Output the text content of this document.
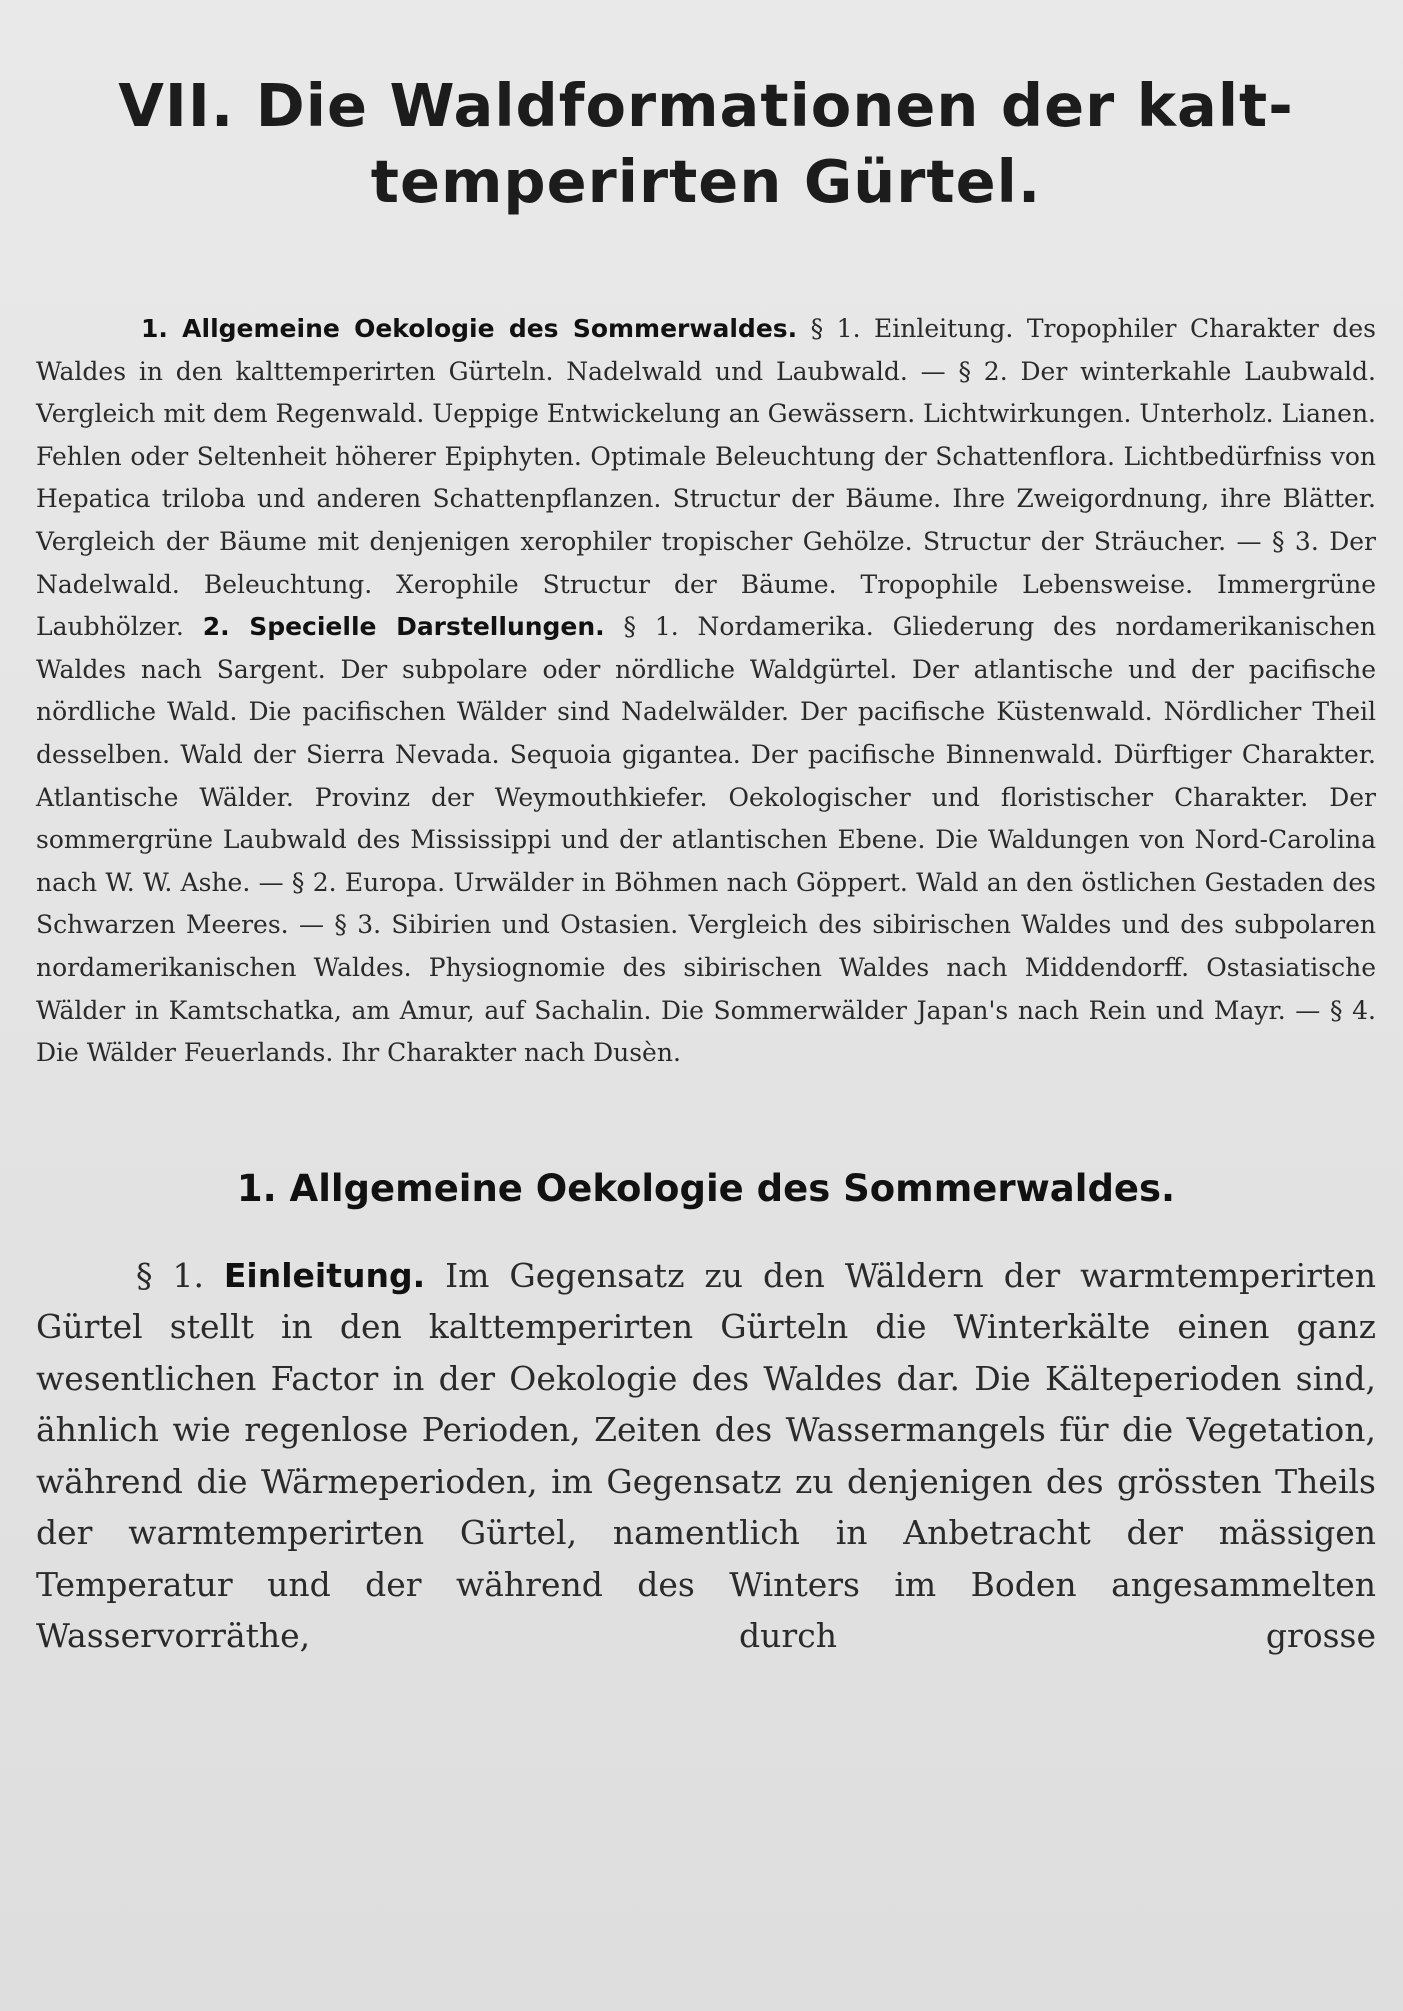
VII. Die Waldformationen der kalt-
temperirten Gürtel.
1. Allgemeine Oekologie des Sommerwaldes. § 1. Einleitung. Tropophiler Charakter des Waldes in den kalttemperirten Gürteln. Nadelwald und Laubwald. — § 2. Der winterkahle Laubwald. Vergleich mit dem Regenwald. Ueppige Entwickelung an Gewässern. Lichtwirkungen. Unterholz. Lianen. Fehlen oder Seltenheit höherer Epiphyten. Optimale Beleuchtung der Schattenflora. Lichtbedürfniss von Hepatica triloba und anderen Schattenpflanzen. Structur der Bäume. Ihre Zweigordnung, ihre Blätter. Vergleich der Bäume mit denjenigen xerophiler tropischer Gehölze. Structur der Sträucher. — § 3. Der Nadelwald. Beleuchtung. Xerophile Structur der Bäume. Tropophile Lebensweise. Immergrüne Laubhölzer. 2. Specielle Darstellungen. § 1. Nordamerika. Gliederung des nordamerikanischen Waldes nach Sargent. Der subpolare oder nördliche Waldgürtel. Der atlantische und der pacifische nördliche Wald. Die pacifischen Wälder sind Nadelwälder. Der pacifische Küstenwald. Nördlicher Theil desselben. Wald der Sierra Nevada. Sequoia gigantea. Der pacifische Binnenwald. Dürftiger Charakter. Atlantische Wälder. Provinz der Weymouthkiefer. Oekologischer und floristischer Charakter. Der sommergrüne Laubwald des Mississippi und der atlantischen Ebene. Die Waldungen von Nord-Carolina nach W. W. Ashe. — § 2. Europa. Urwälder in Böhmen nach Göppert. Wald an den östlichen Gestaden des Schwarzen Meeres. — § 3. Sibirien und Ostasien. Vergleich des sibirischen Waldes und des subpolaren nordamerikanischen Waldes. Physiognomie des sibirischen Waldes nach Middendorff. Ostasiatische Wälder in Kamtschatka, am Amur, auf Sachalin. Die Sommerwälder Japan's nach Rein und Mayr. — § 4. Die Wälder Feuerlands. Ihr Charakter nach Dusèn.
1. Allgemeine Oekologie des Sommerwaldes.

§ 1. Einleitung. Im Gegensatz zu den Wäldern der warmtemperirten Gürtel stellt in den kalttemperirten Gürteln die Winterkälte einen ganz wesentlichen Factor in der Oekologie des Waldes dar. Die Kälteperioden sind, ähnlich wie regenlose Perioden, Zeiten des Wassermangels für die Vegetation, während die Wärmeperioden, im Gegensatz zu denjenigen des grössten Theils der warmtemperirten Gürtel, namentlich in Anbetracht der mässigen Temperatur und der während des Winters im Boden angesammelten Wasservorräthe, durch grosse
